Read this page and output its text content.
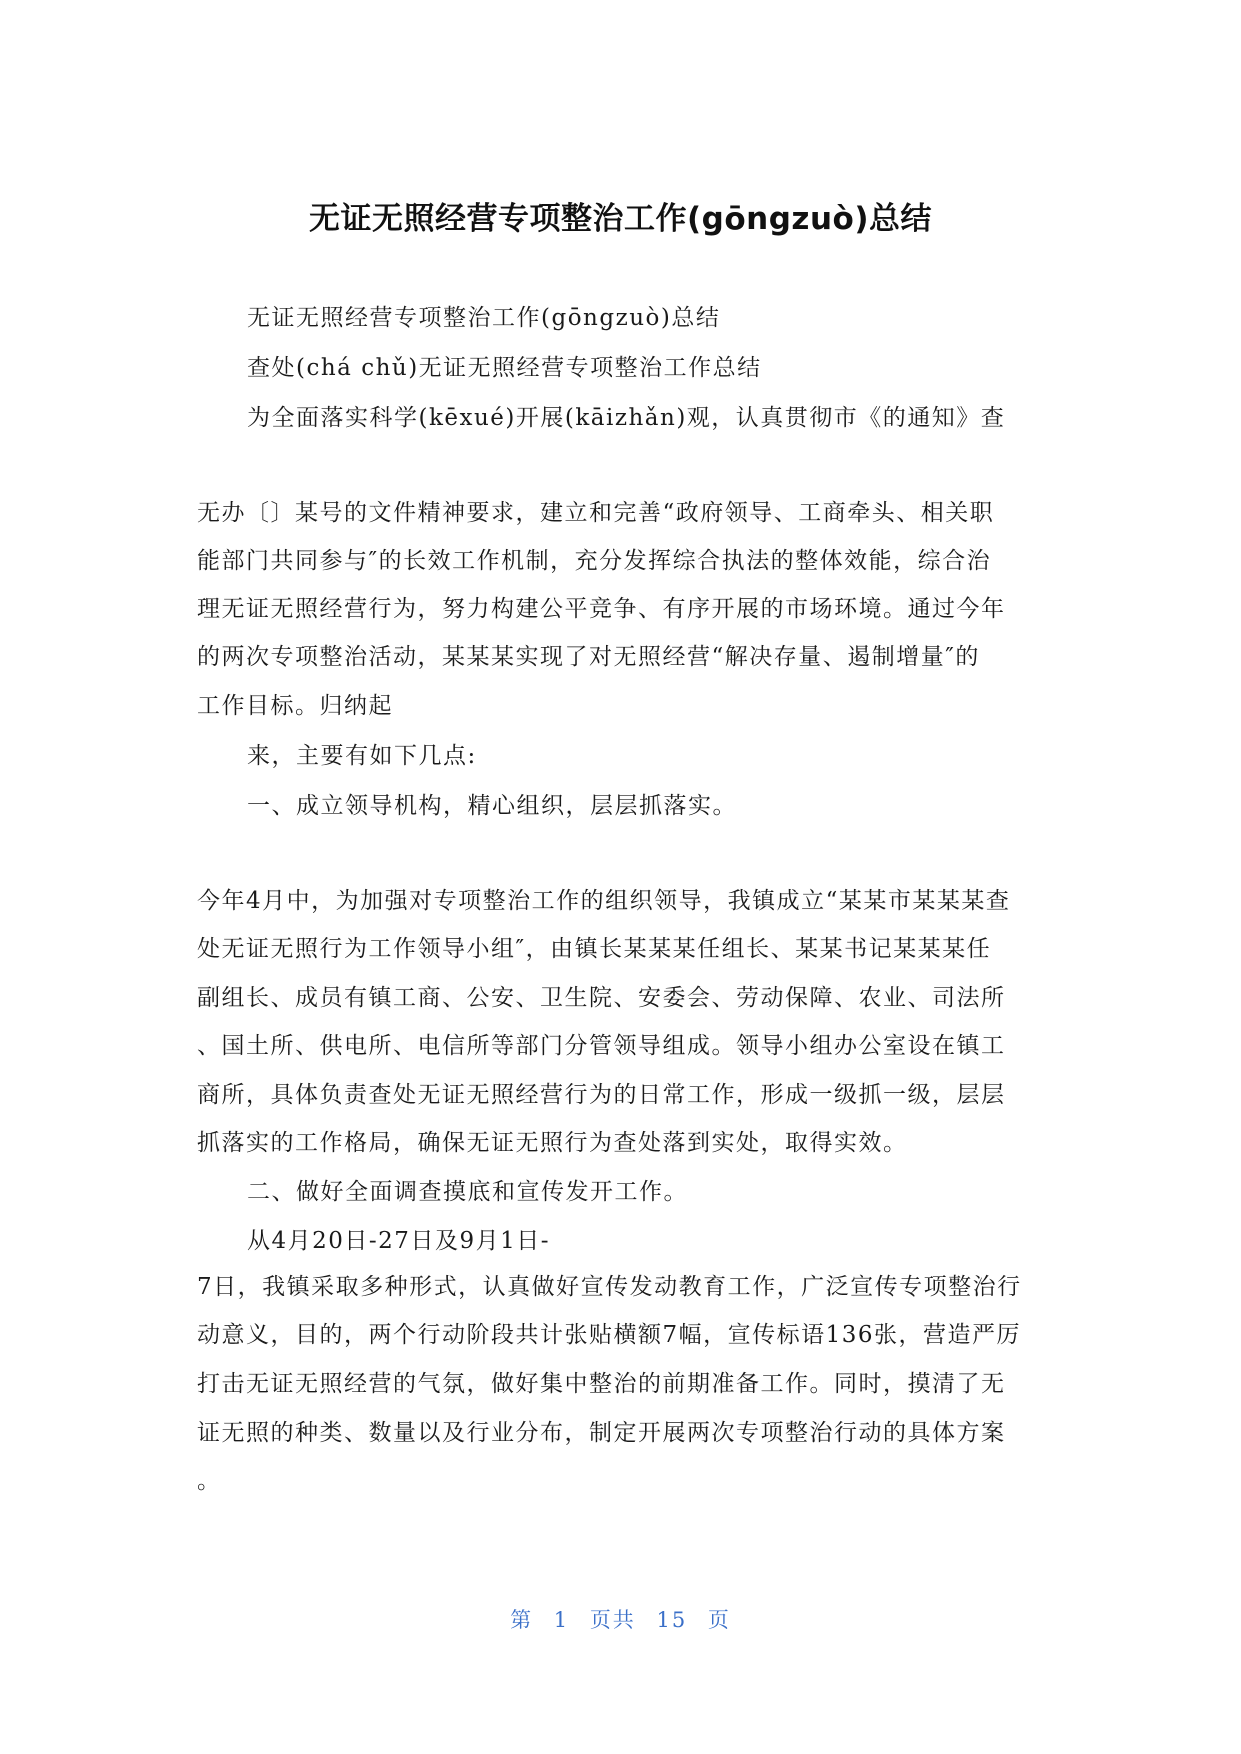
无证无照经营专项整治工作(gōngzuò)总结
无证无照经营专项整治工作(gōngzuò)总结
查处(chá chǔ)无证无照经营专项整治工作总结
为全面落实科学(kēxué)开展(kāizhǎn)观，认真贯彻市《的通知》查
无办〔〕某号的文件精神要求，建立和完善“政府领导、工商牵头、相关职
能部门共同参与″的长效工作机制，充分发挥综合执法的整体效能，综合治
理无证无照经营行为，努力构建公平竞争、有序开展的市场环境。通过今年
的两次专项整治活动，某某某实现了对无照经营“解决存量、遏制增量″的
工作目标。归纳起
来，主要有如下几点:
一、成立领导机构，精心组织，层层抓落实。
今年4月中，为加强对专项整治工作的组织领导，我镇成立“某某市某某某查
处无证无照行为工作领导小组″，由镇长某某某任组长、某某书记某某某任
副组长、成员有镇工商、公安、卫生院、安委会、劳动保障、农业、司法所
、国土所、供电所、电信所等部门分管领导组成。领导小组办公室设在镇工
商所，具体负责查处无证无照经营行为的日常工作，形成一级抓一级，层层
抓落实的工作格局，确保无证无照行为查处落到实处，取得实效。
二、做好全面调查摸底和宣传发开工作。
从4月20日-27日及9月1日-
7日，我镇采取多种形式，认真做好宣传发动教育工作，广泛宣传专项整治行
动意义，目的，两个行动阶段共计张贴横额7幅，宣传标语136张，营造严厉
打击无证无照经营的气氛，做好集中整治的前期准备工作。同时，摸清了无
证无照的种类、数量以及行业分布，制定开展两次专项整治行动的具体方案
。
第 1 页共 15 页
